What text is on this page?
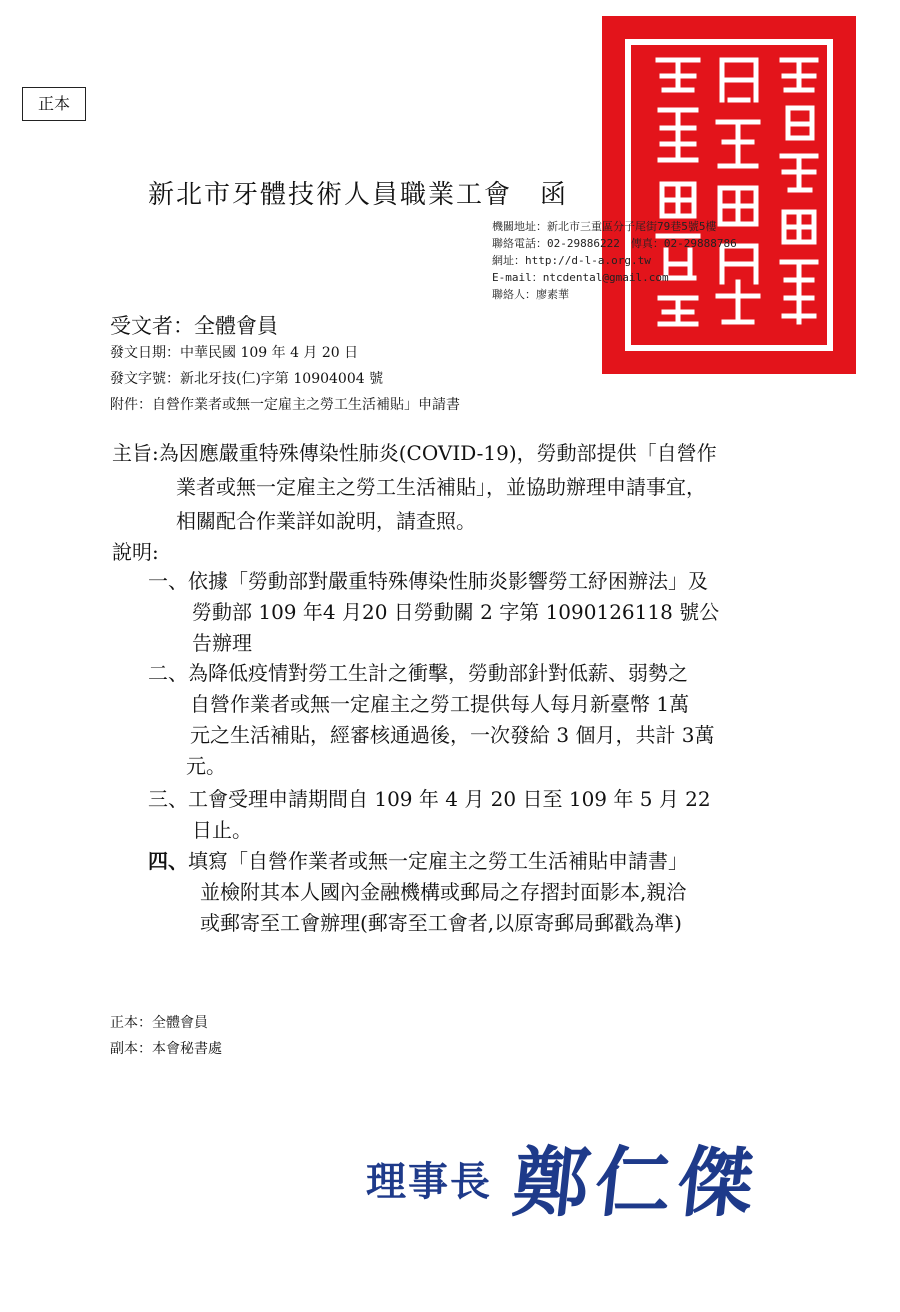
正本
新北市牙體技術人員職業工會 函
機關地址：新北市三重區分子尾街79巷5號5樓
聯絡電話：02-29886222　傳真：02-29888786
網址：http://d-l-a.org.tw
E-mail：ntcdental@gmail.com
聯絡人：廖素華
受文者：全體會員
發文日期：中華民國 109 年 4 月 20 日
發文字號：新北牙技(仁)字第 10904004 號
附件：自營作業者或無一定雇主之勞工生活補貼」申請書
主旨:為因應嚴重特殊傳染性肺炎(COVID-19)，勞動部提供「自營作
業者或無一定雇主之勞工生活補貼」，並協助辦理申請事宜，
相關配合作業詳如說明，請查照。
說明:
一、依據「勞動部對嚴重特殊傳染性肺炎影響勞工紓困辦法」及
勞動部 109 年4 月20 日勞動關 2 字第 1090126118 號公
告辦理
二、為降低疫情對勞工生計之衝擊，勞動部針對低薪、弱勢之
自營作業者或無一定雇主之勞工提供每人每月新臺幣 1萬
元之生活補貼，經審核通過後，一次發給 3 個月，共計 3萬
元。
三、工會受理申請期間自 109 年 4 月 20 日至 109 年 5 月 22
日止。
四、填寫「自營作業者或無一定雇主之勞工生活補貼申請書」
並檢附其本人國內金融機構或郵局之存摺封面影本,親洽
或郵寄至工會辦理(郵寄至工會者,以原寄郵局郵戳為準)
正本：全體會員
副本：本會秘書處
理事長 鄭仁傑
